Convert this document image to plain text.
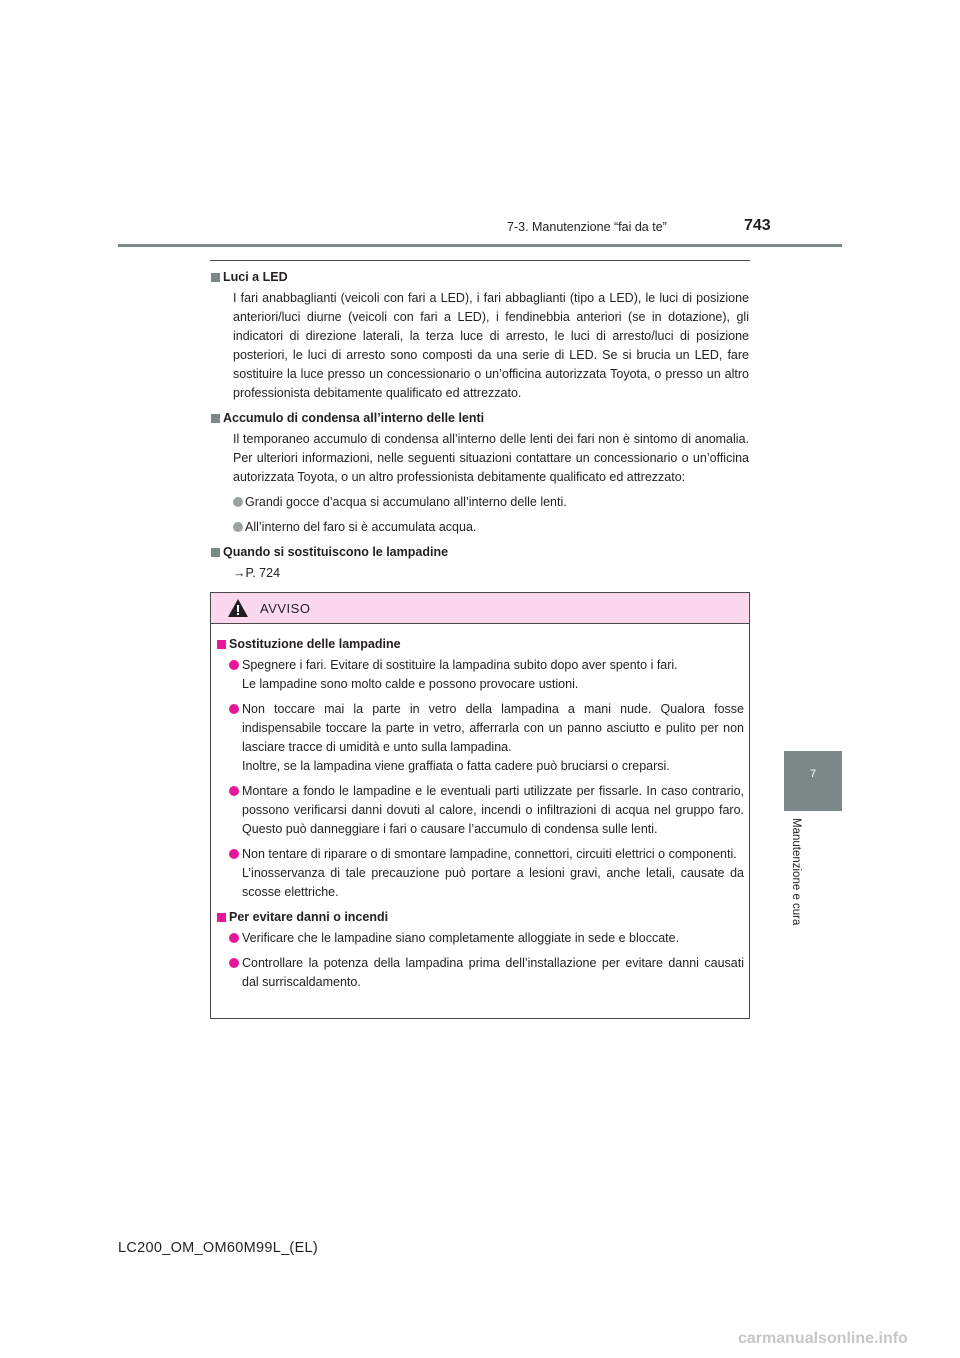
7-3. Manutenzione “fai da te”	743
7
Manutenzione e cura
Luci a LED
I fari anabbaglianti (veicoli con fari a LED), i fari abbaglianti (tipo a LED), le luci di posizione anteriori/luci diurne (veicoli con fari a LED), i fendinebbia anteriori (se in dotazione), gli indicatori di direzione laterali, la terza luce di arresto, le luci di arresto/luci di posizione posteriori, le luci di arresto sono composti da una serie di LED. Se si brucia un LED, fare sostituire la luce presso un concessionario o un’officina autorizzata Toyota, o presso un altro professionista debitamente qualificato ed attrezzato.
Accumulo di condensa all’interno delle lenti
Il temporaneo accumulo di condensa all’interno delle lenti dei fari non è sintomo di anomalia. Per ulteriori informazioni, nelle seguenti situazioni contattare un concessionario o un’officina autorizzata Toyota, o un altro professionista debitamente qualificato ed attrezzato:
Grandi gocce d’acqua si accumulano all’interno delle lenti.
All’interno del faro si è accumulata acqua.
Quando si sostituiscono le lampadine
→P. 724
AVVISO
Sostituzione delle lampadine
Spegnere i fari. Evitare di sostituire la lampadina subito dopo aver spento i fari.
Le lampadine sono molto calde e possono provocare ustioni.
Non toccare mai la parte in vetro della lampadina a mani nude. Qualora fosse indispensabile toccare la parte in vetro, afferrarla con un panno asciutto e pulito per non lasciare tracce di umidità e unto sulla lampadina.
Inoltre, se la lampadina viene graffiata o fatta cadere può bruciarsi o creparsi.
Montare a fondo le lampadine e le eventuali parti utilizzate per fissarle. In caso contrario, possono verificarsi danni dovuti al calore, incendi o infiltrazioni di acqua nel gruppo faro. Questo può danneggiare i fari o causare l’accumulo di condensa sulle lenti.
Non tentare di riparare o di smontare lampadine, connettori, circuiti elettrici o componenti.
L’inosservanza di tale precauzione può portare a lesioni gravi, anche letali, causate da scosse elettriche.
Per evitare danni o incendi
Verificare che le lampadine siano completamente alloggiate in sede e bloccate.
Controllare la potenza della lampadina prima dell’installazione per evitare danni causati dal surriscaldamento.
LC200_OM_OM60M99L_(EL)
carmanualsonline.info
